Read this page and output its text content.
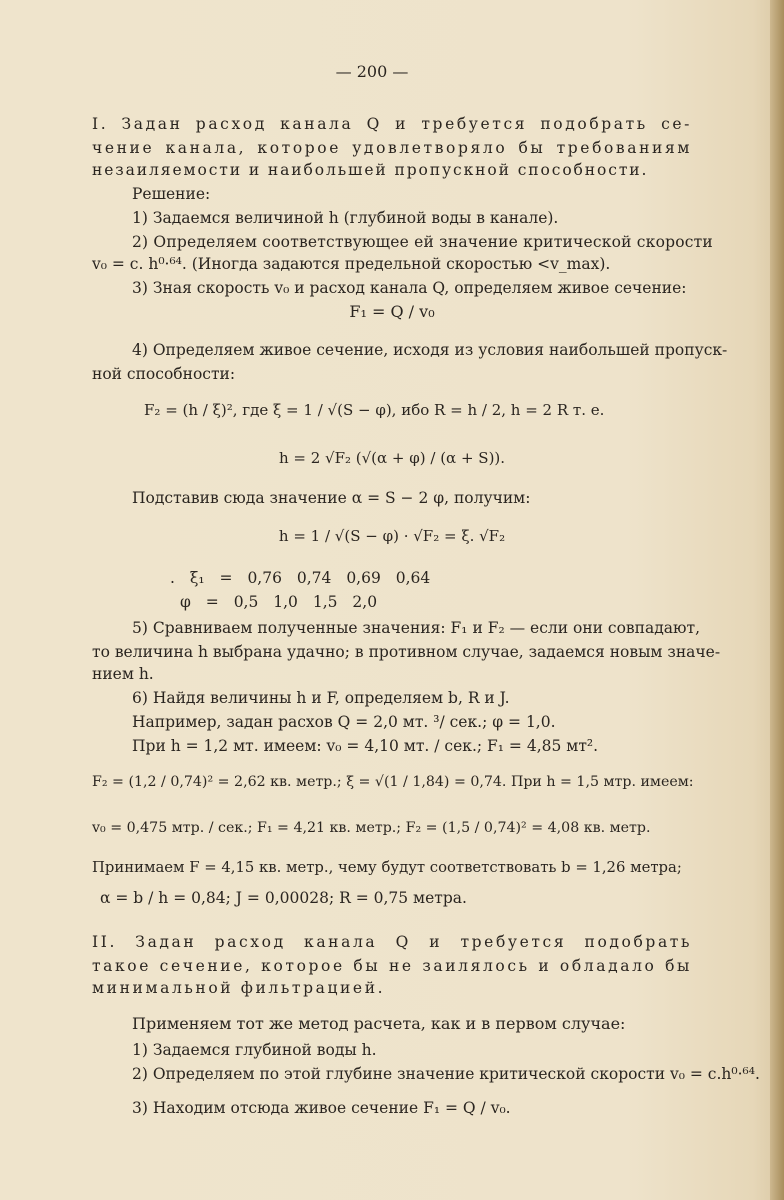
— 200 —
I. Задан расход канала Q и требуется подобрать се-
чение канала, которое удовлетворяло бы требованиям
незаиляемости и наибольшей пропускной способности.
Решение:
1) Задаемся величиной h (глубиной воды в канале).
2) Определяем соответствующее ей значение критической скорости
v₀ = c. h⁰·⁶⁴. (Иногда задаются предельной скоростью <v_max).
3) Зная скорость v₀ и расход канала Q, определяем живое сечение:
F₁ = Q / v₀
4) Определяем живое сечение, исходя из условия наибольшей пропуск-
ной способности:
F₂ = (h / ξ)², где ξ = 1 / √(S − φ), ибо R = h / 2, h = 2 R т. е.
h = 2 √F₂ (√(α + φ) / (α + S)).
Подставив сюда значение α = S − 2 φ, получим:
h = 1 / √(S − φ) · √F₂ = ξ. √F₂
. ξ₁ = 0,76 0,74 0,69 0,64
φ = 0,5 1,0 1,5 2,0
5) Сравниваем полученные значения: F₁ и F₂ — если они совпадают,
то величина h выбрана удачно; в противном случае, задаемся новым значе-
нием h.
6) Найдя величины h и F, определяем b, R и J.
Например, задан расхов Q = 2,0 мт. ³/ сек.; φ = 1,0.
При h = 1,2 мт. имеем: v₀ = 4,10 мт. / сек.; F₁ = 4,85 мт².
F₂ = (1,2 / 0,74)² = 2,62 кв. метр.; ξ = √(1 / 1,84) = 0,74. При h = 1,5 мтр. имеем:
v₀ = 0,475 мтр. / сек.; F₁ = 4,21 кв. метр.; F₂ = (1,5 / 0,74)² = 4,08 кв. метр.
Принимаем F = 4,15 кв. метр., чему будут соответствовать b = 1,26 метра;
α = b / h = 0,84; J = 0,00028; R = 0,75 метра.
II. Задан расход канала Q и требуется подобрать
такое сечение, которое бы не заилялось и обладало бы
минимальной фильтрацией.
Применяем тот же метод расчета, как и в первом случае:
1) Задаемся глубиной воды h.
2) Определяем по этой глубине значение критической скорости v₀ = c.h⁰·⁶⁴.
3) Находим отсюда живое сечение F₁ = Q / v₀.
